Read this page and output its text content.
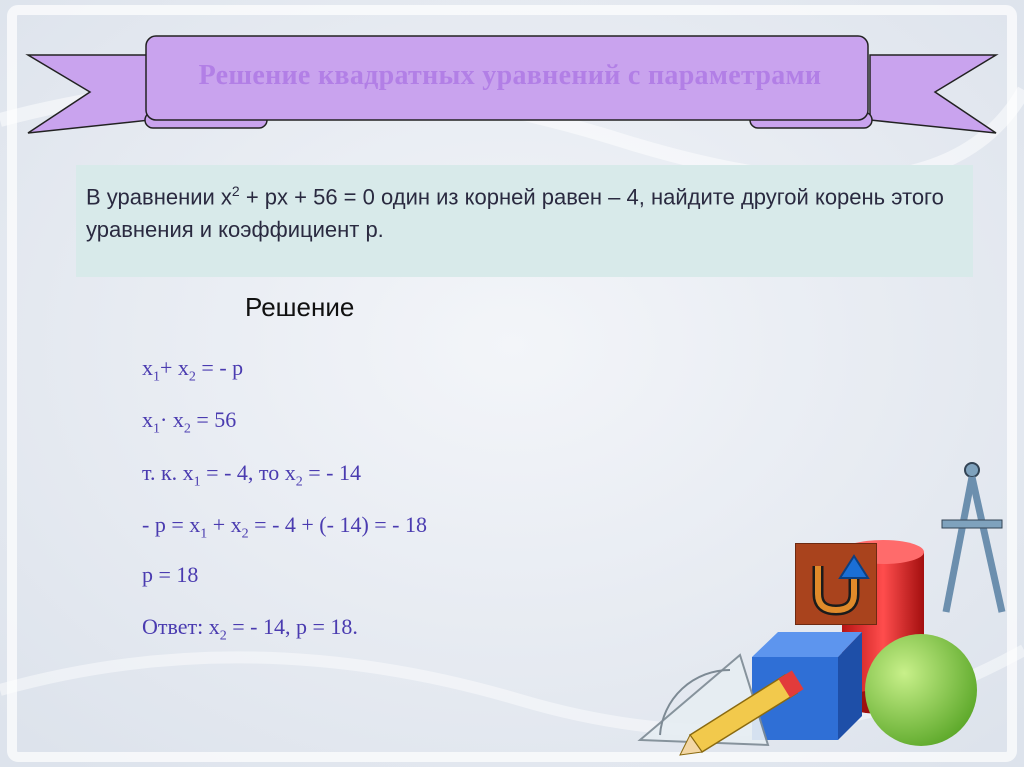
Решение квадратных уравнений с параметрами
В уравнении $x^2$ + px + 56 = 0 один из корней равен – 4, найдите другой корень этого уравнения и коэффициент p.
Решение
$x_1+ x_2$ = - p
$x_1\cdot x_2 = 56$
т. к. $x_1$ = - 4, то $x_2$ = - 14
- $p = x_1 + x_2$ = - 4 + (- 14) = - 18
p = 18
Ответ: $x_2$ = - 14, p = 18.
